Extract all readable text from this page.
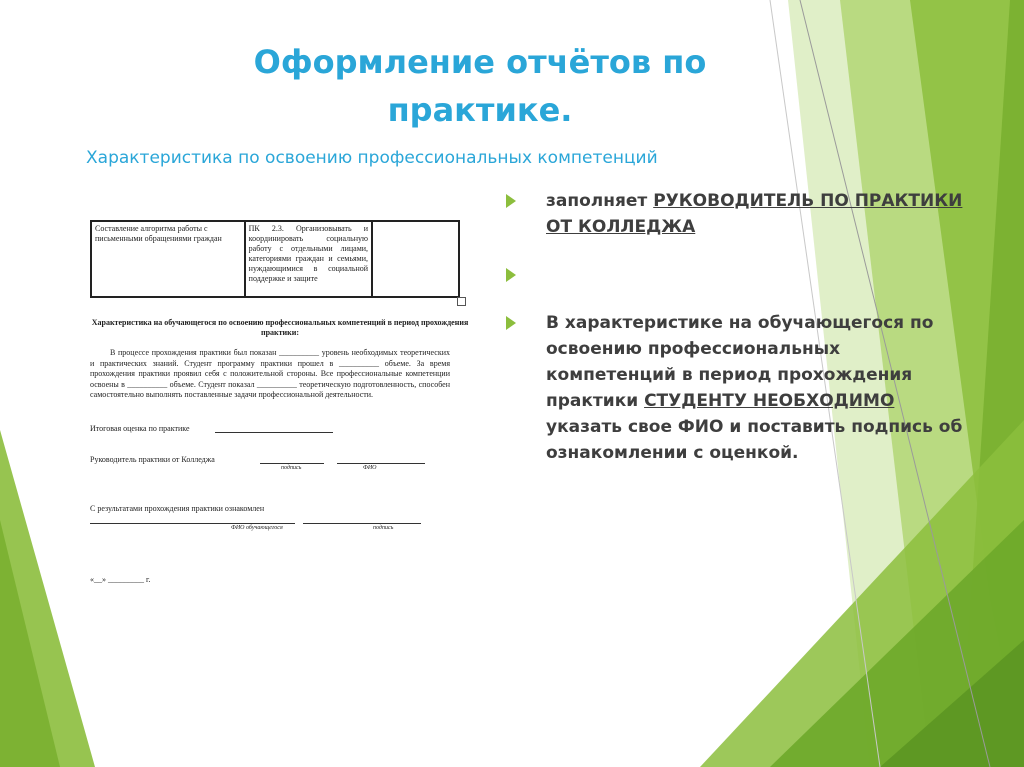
Оформление отчётов по практике.
Характеристика по освоению профессиональных компетенций
заполняет РУКОВОДИТЕЛЬ ПО ПРАКТИКИ ОТ КОЛЛЕДЖА
В характеристике на обучающегося по освоению профессиональных компетенций в период прохождения практики СТУДЕНТУ НЕОБХОДИМО указать свое ФИО и поставить подпись об ознакомлении с оценкой.
Составление алгоритма работы с письменными обращениями граждан	ПК 2.3. Организовывать и координировать социальную работу с отдельными лицами, категориями граждан и семьями, нуждающимися в социальной поддержке и защите	
Характеристика на обучающегося по освоению профессиональных компетенций в период прохождения практики:
В процессе прохождения практики был показан __________ уровень необходимых теоретических и практических знаний. Студент программу практики прошел в __________ объеме. За время прохождения практики проявил себя с положительной стороны. Все профессиональные компетенции освоены в __________ объеме. Студент показал __________ теоретическую подготовленность, способен самостоятельно выполнять поставленные задачи профессиональной деятельности.
Итоговая оценка по практике
Руководитель практики от Колледжа
подпись	ФИО
С результатами прохождения практики ознакомлен
ФИО обучающегося	подпись
«__» _________ г.
